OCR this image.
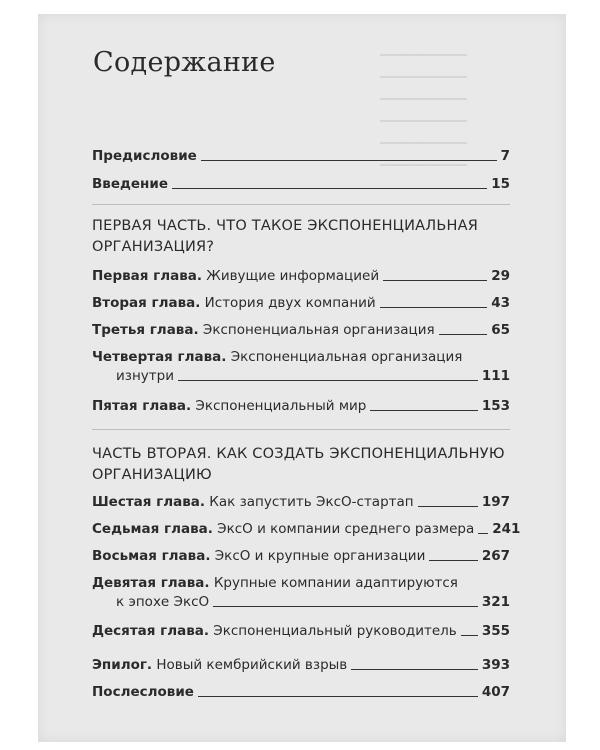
━━━━━━━━━━━━
━━━━━━━━━━━━
━━━━━━━━━━━━
━━━━━━━━━━━━
━━━━━━━━━━━━
━━━━━━━━━━━━
Содержание
Предисловие	7
Введение	15
ПЕРВАЯ ЧАСТЬ. ЧТО ТАКОЕ ЭКСПОНЕНЦИАЛЬНАЯ
ОРГАНИЗАЦИЯ?
Первая глава. Живущие информацией	29
Вторая глава. История двух компаний	43
Третья глава. Экспоненциальная организация	65
Четвертая глава. Экспоненциальная организация
изнутри	111
Пятая глава. Экспоненциальный мир	153
ЧАСТЬ ВТОРАЯ. КАК СОЗДАТЬ ЭКСПОНЕНЦИАЛЬНУЮ
ОРГАНИЗАЦИЮ
Шестая глава. Как запустить ЭксО-стартап	197
Седьмая глава. ЭксО и компании среднего размера 241
Восьмая глава. ЭксО и крупные организации	267
Девятая глава. Крупные компании адаптируются
к эпохе ЭксО	321
Десятая глава. Экспоненциальный руководитель 355
Эпилог. Новый кембрийский взрыв	393
Послесловие	407
